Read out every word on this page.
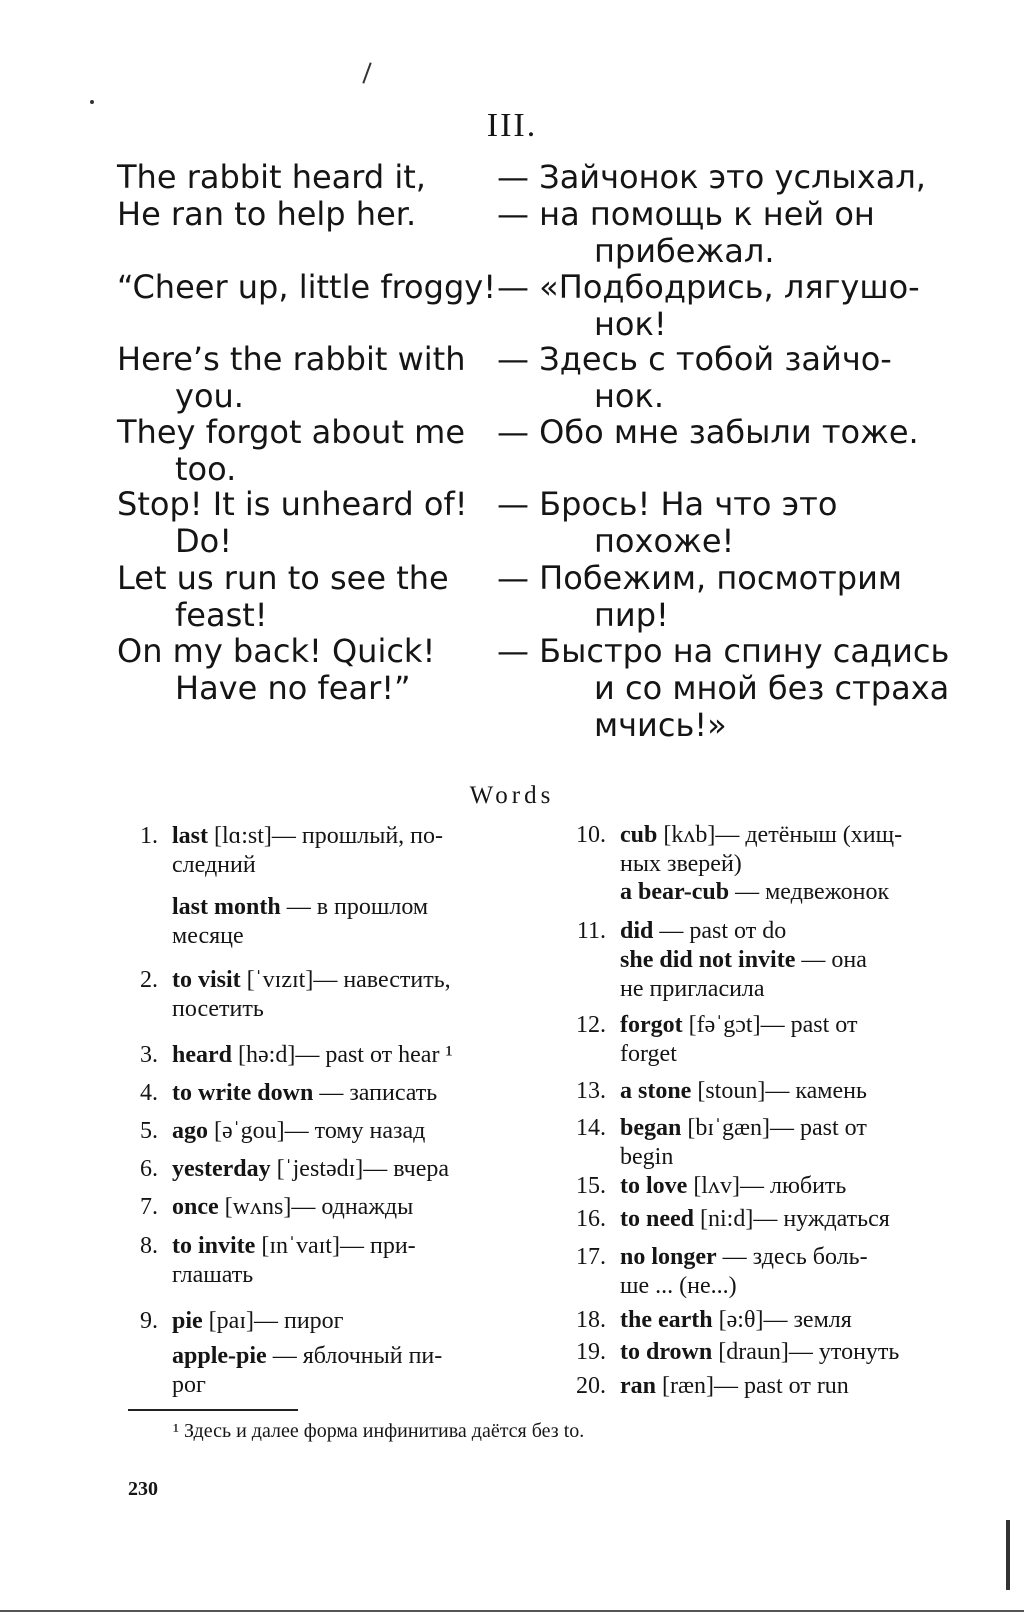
III.
The rabbit heard it,
He ran to help her.
“Cheer up, little froggy!
Here’s the rabbit with
you.
They forgot about me
too.
Stop! It is unheard of!
Do!
Let us run to see the
feast!
On my back! Quick!
Have no fear!”
— Зайчонок это услыхал,
— на помощь к ней он
прибежал.
— «Подбодрись, лягушо-
нок!
— Здесь с тобой зайчо-
нок.
— Обо мне забыли тоже.
— Брось! На что это
похоже!
— Побежим, посмотрим
пир!
— Быстро на спину садись
и со мной без страха
мчись!»
Words
1. last [lɑ:st]— прошлый, по-
следний
last month — в прошлом
месяце
2. to visit [ˈvɪzɪt]— навестить,
посетить
3. heard [hə:d]— past от hear ¹
4. to write down — записать
5. ago [əˈgou]— тому назад
6. yesterday [ˈjestədɪ]— вчера
7. once [wʌns]— однажды
8. to invite [ɪnˈvaɪt]— при-
глашать
9. pie [paɪ]— пирог
apple-pie — яблочный пи-
рог
10. cub [kʌb]— детёныш (хищ-
ных зверей)
a bear-cub — медвежонок
11. did — past от do
she did not invite — она
не пригласила
12. forgot [fəˈgɔt]— past от
forget
13. a stone [stoun]— камень
14. began [bɪˈgæn]— past от
begin
15. to love [lʌv]— любить
16. to need [ni:d]— нуждаться
17. no longer — здесь боль-
ше ... (не...)
18. the earth [ə:θ]— земля
19. to drown [draun]— утонуть
20. ran [ræn]— past от run
¹ Здесь и далее форма инфинитива даётся без to.
230
